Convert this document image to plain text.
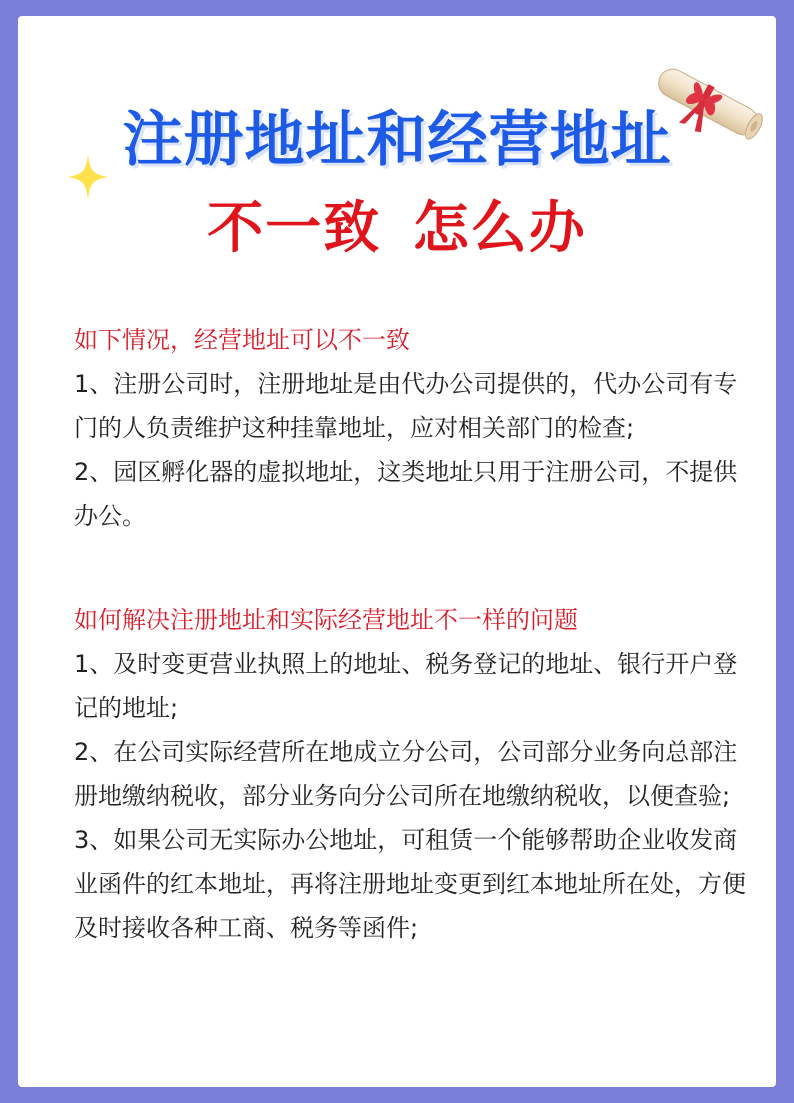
注册地址和经营地址
不一致 怎么办
如下情况，经营地址可以不一致

1、注册公司时，注册地址是由代办公司提供的，代办公司有专门的人负责维护这种挂靠地址，应对相关部门的检查;

2、园区孵化器的虚拟地址，这类地址只用于注册公司，不提供办公。

如何解决注册地址和实际经营地址不一样的问题

1、及时变更营业执照上的地址、税务登记的地址、银行开户登记的地址;

2、在公司实际经营所在地成立分公司，公司部分业务向总部注册地缴纳税收，部分业务向分公司所在地缴纳税收，以便查验;

3、如果公司无实际办公地址，可租赁一个能够帮助企业收发商业函件的红本地址，再将注册地址变更到红本地址所在处，方便及时接收各种工商、税务等函件;
